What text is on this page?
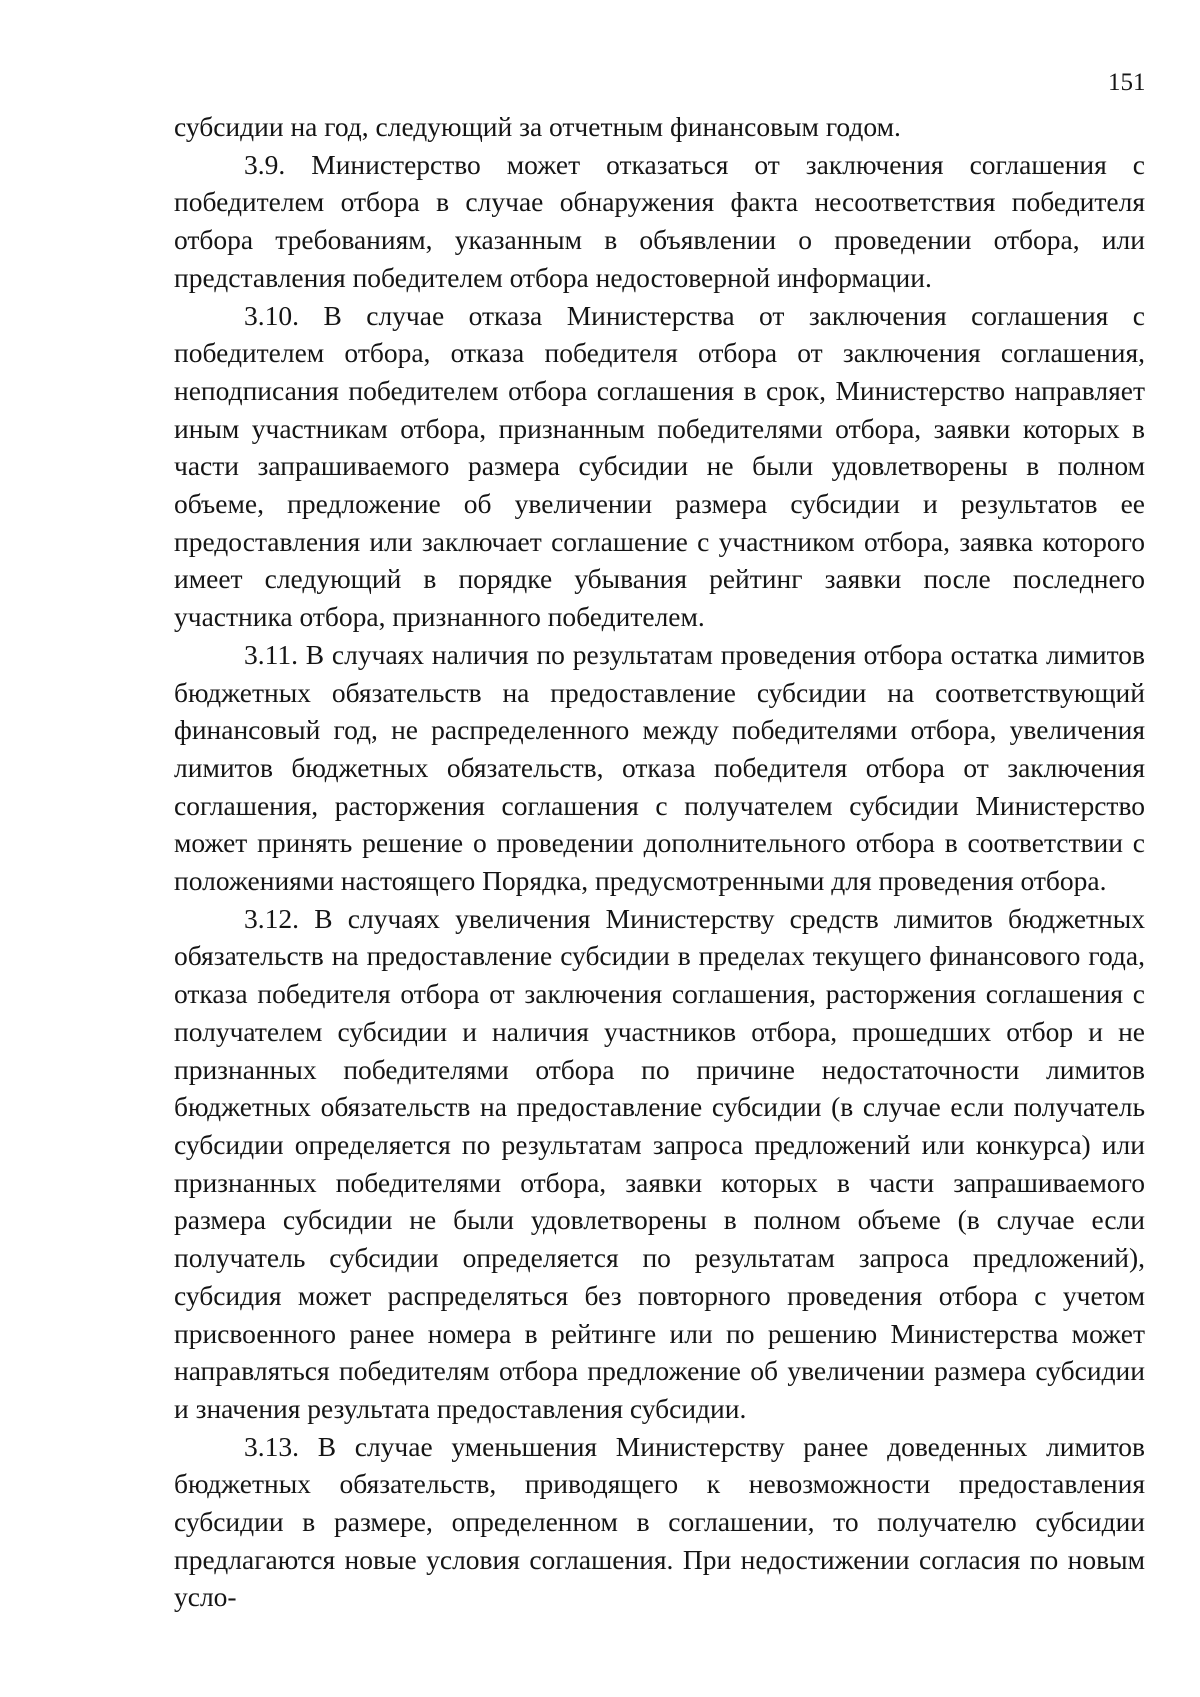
151

субсидии на год, следующий за отчетным финансовым годом.

3.9. Министерство может отказаться от заключения соглашения с победителем отбора в случае обнаружения факта несоответствия победителя отбора требованиям, указанным в объявлении о проведении отбора, или представления победителем отбора недостоверной информации.

3.10. В случае отказа Министерства от заключения соглашения с победителем отбора, отказа победителя отбора от заключения соглашения, неподписания победителем отбора соглашения в срок, Министерство направляет иным участникам отбора, признанным победителями отбора, заявки которых в части запрашиваемого размера субсидии не были удовлетворены в полном объеме, предложение об увеличении размера субсидии и результатов ее предоставления или заключает соглашение с участником отбора, заявка которого имеет следующий в порядке убывания рейтинг заявки после последнего участника отбора, признанного победителем.

3.11. В случаях наличия по результатам проведения отбора остатка лимитов бюджетных обязательств на предоставление субсидии на соответствующий финансовый год, не распределенного между победителями отбора, увеличения лимитов бюджетных обязательств, отказа победителя отбора от заключения соглашения, расторжения соглашения с получателем субсидии Министерство может принять решение о проведении дополнительного отбора в соответствии с положениями настоящего Порядка, предусмотренными для проведения отбора.

3.12. В случаях увеличения Министерству средств лимитов бюджетных обязательств на предоставление субсидии в пределах текущего финансового года, отказа победителя отбора от заключения соглашения, расторжения соглашения с получателем субсидии и наличия участников отбора, прошедших отбор и не признанных победителями отбора по причине недостаточности лимитов бюджетных обязательств на предоставление субсидии (в случае если получатель субсидии определяется по результатам запроса предложений или конкурса) или признанных победителями отбора, заявки которых в части запрашиваемого размера субсидии не были удовлетворены в полном объеме (в случае если получатель субсидии определяется по результатам запроса предложений), субсидия может распределяться без повторного проведения отбора с учетом присвоенного ранее номера в рейтинге или по решению Министерства может направляться победителям отбора предложение об увеличении размера субсидии и значения результата предоставления субсидии.

3.13. В случае уменьшения Министерству ранее доведенных лимитов бюджетных обязательств, приводящего к невозможности предоставления субсидии в размере, определенном в соглашении, то получателю субсидии предлагаются новые условия соглашения. При недостижении согласия по новым усло-
